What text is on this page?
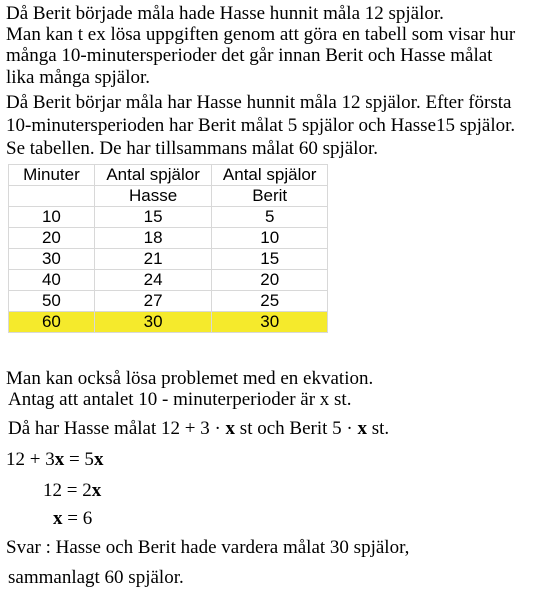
Då Berit började måla hade Hasse hunnit måla 12 spjälor.
Man kan t ex lösa uppgiften genom att göra en tabell som visar hur
många 10-minutersperioder det går innan Berit och Hasse målat
lika många spjälor.
Då Berit börjar måla har Hasse hunnit måla 12 spjälor. Efter första
10-minutersperioden har Berit målat 5 spjälor och Hasse15 spjälor.
Se tabellen. De har tillsammans målat 60 spjälor.
Minuter	Antal spjälor	Antal spjälor
	Hasse	Berit
10	15	5
20	18	10
30	21	15
40	24	20
50	27	25
60	30	30
Man kan också lösa problemet med en ekvation.
Antag att antalet 10 - minuterperioder är x st.
Då har Hasse målat 12 + 3 · x st och Berit 5 · x st.
12 + 3x = 5x
12 = 2x
x = 6
Svar : Hasse och Berit hade vardera målat 30 spjälor,
sammanlagt 60 spjälor.
